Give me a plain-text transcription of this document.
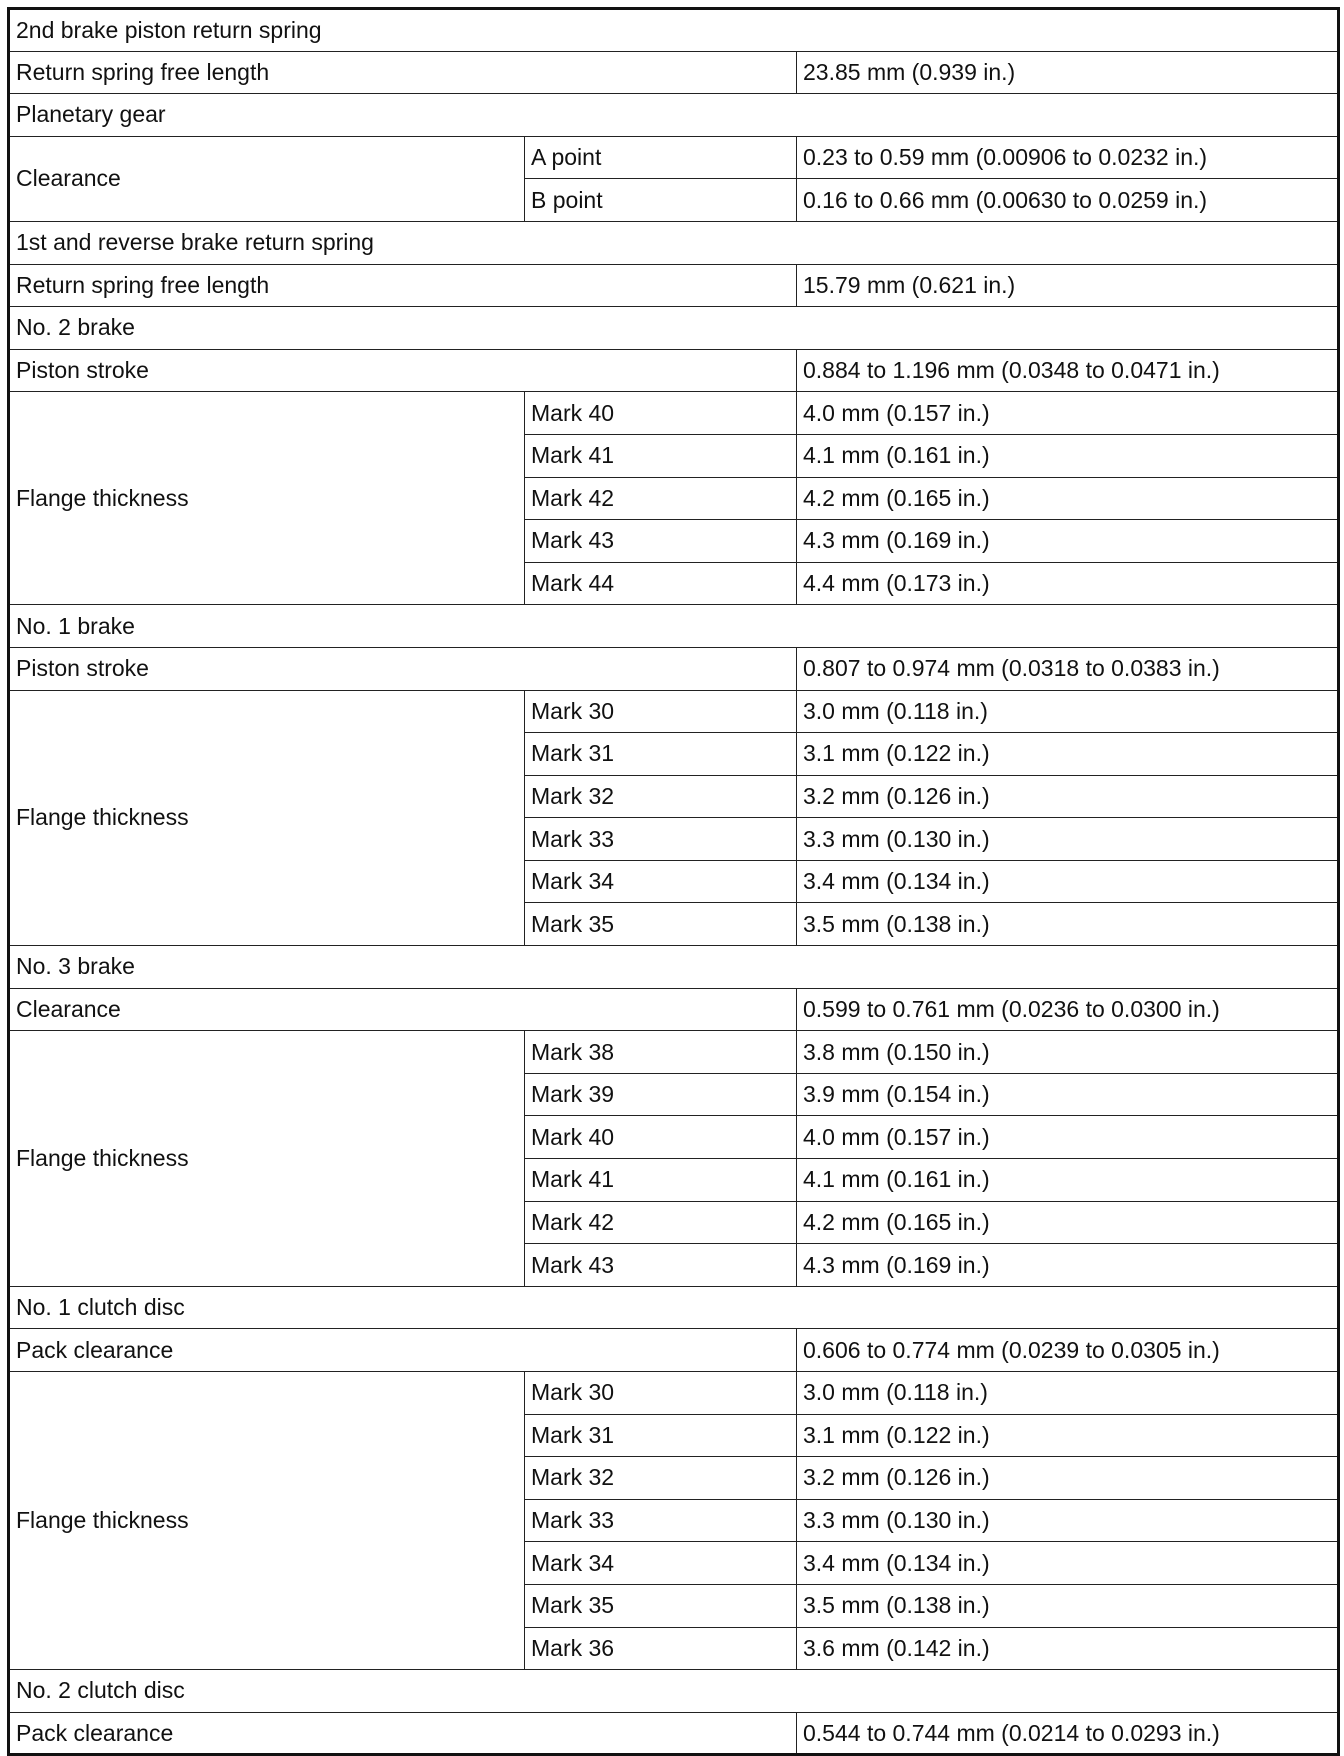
2nd brake piston return spring		
Return spring free length		23.85 mm (0.939 in.)
Planetary gear		
Clearance	A point	0.23 to 0.59 mm (0.00906 to 0.0232 in.)
	B point	0.16 to 0.66 mm (0.00630 to 0.0259 in.)
1st and reverse brake return spring		
Return spring free length		15.79 mm (0.621 in.)
No. 2 brake		
Piston stroke		0.884 to 1.196 mm (0.0348 to 0.0471 in.)
Flange thickness	Mark 40	4.0 mm (0.157 in.)
	Mark 41	4.1 mm (0.161 in.)
	Mark 42	4.2 mm (0.165 in.)
	Mark 43	4.3 mm (0.169 in.)
	Mark 44	4.4 mm (0.173 in.)
No. 1 brake		
Piston stroke		0.807 to 0.974 mm (0.0318 to 0.0383 in.)
Flange thickness	Mark 30	3.0 mm (0.118 in.)
	Mark 31	3.1 mm (0.122 in.)
	Mark 32	3.2 mm (0.126 in.)
	Mark 33	3.3 mm (0.130 in.)
	Mark 34	3.4 mm (0.134 in.)
	Mark 35	3.5 mm (0.138 in.)
No. 3 brake		
Clearance		0.599 to 0.761 mm (0.0236 to 0.0300 in.)
Flange thickness	Mark 38	3.8 mm (0.150 in.)
	Mark 39	3.9 mm (0.154 in.)
	Mark 40	4.0 mm (0.157 in.)
	Mark 41	4.1 mm (0.161 in.)
	Mark 42	4.2 mm (0.165 in.)
	Mark 43	4.3 mm (0.169 in.)
No. 1 clutch disc		
Pack clearance		0.606 to 0.774 mm (0.0239 to 0.0305 in.)
Flange thickness	Mark 30	3.0 mm (0.118 in.)
	Mark 31	3.1 mm (0.122 in.)
	Mark 32	3.2 mm (0.126 in.)
	Mark 33	3.3 mm (0.130 in.)
	Mark 34	3.4 mm (0.134 in.)
	Mark 35	3.5 mm (0.138 in.)
	Mark 36	3.6 mm (0.142 in.)
No. 2 clutch disc		
Pack clearance		0.544 to 0.744 mm (0.0214 to 0.0293 in.)
